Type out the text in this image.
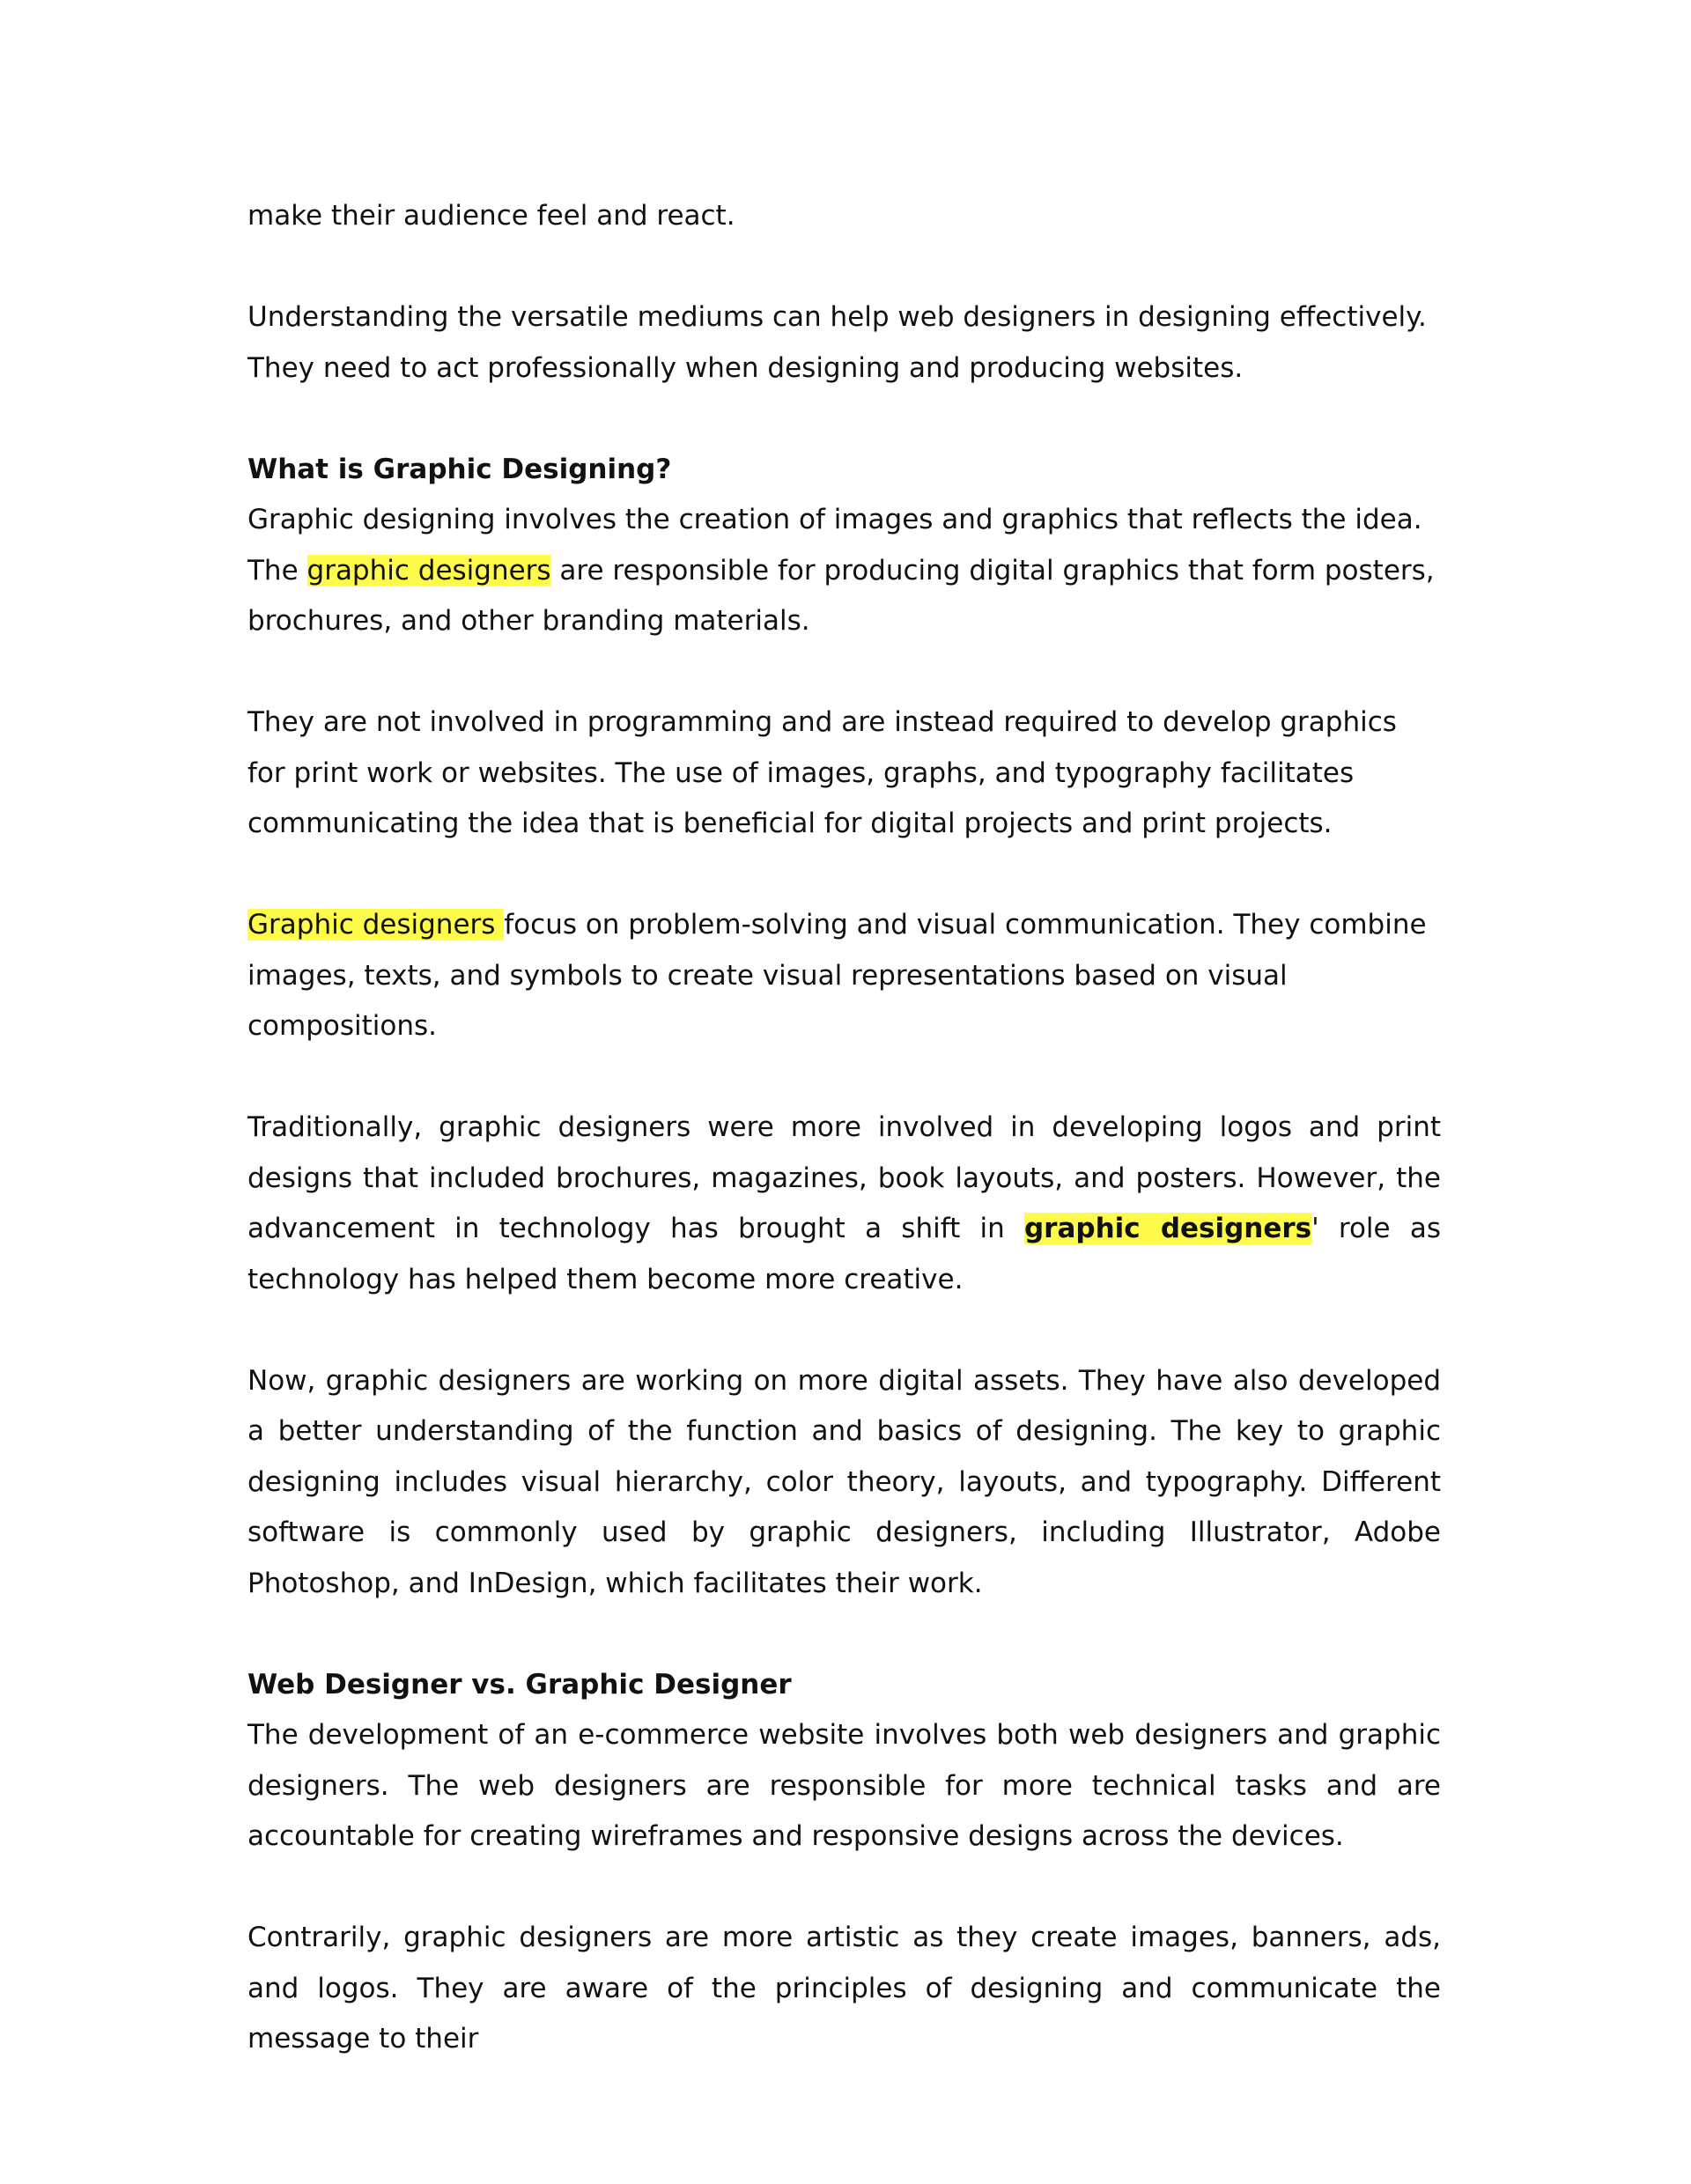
make their audience feel and react.

Understanding the versatile mediums can help web designers in designing effectively. They need to act professionally when designing and producing websites.

What is Graphic Designing?

Graphic designing involves the creation of images and graphics that reflects the idea. The graphic designers are responsible for producing digital graphics that form posters, brochures, and other branding materials.

They are not involved in programming and are instead required to develop graphics for print work or websites. The use of images, graphs, and typography facilitates communicating the idea that is beneficial for digital projects and print projects.

Graphic designers focus on problem-solving and visual communication. They combine images, texts, and symbols to create visual representations based on visual compositions.

Traditionally, graphic designers were more involved in developing logos and print designs that included brochures, magazines, book layouts, and posters. However, the advancement in technology has brought a shift in graphic designers' role as technology has helped them become more creative.

Now, graphic designers are working on more digital assets. They have also developed a better understanding of the function and basics of designing. The key to graphic designing includes visual hierarchy, color theory, layouts, and typography. Different software is commonly used by graphic designers, including Illustrator, Adobe Photoshop, and InDesign, which facilitates their work.

Web Designer vs. Graphic Designer

The development of an e-commerce website involves both web designers and graphic designers. The web designers are responsible for more technical tasks and are accountable for creating wireframes and responsive designs across the devices.

Contrarily, graphic designers are more artistic as they create images, banners, ads, and logos. They are aware of the principles of designing and communicate the message to their
